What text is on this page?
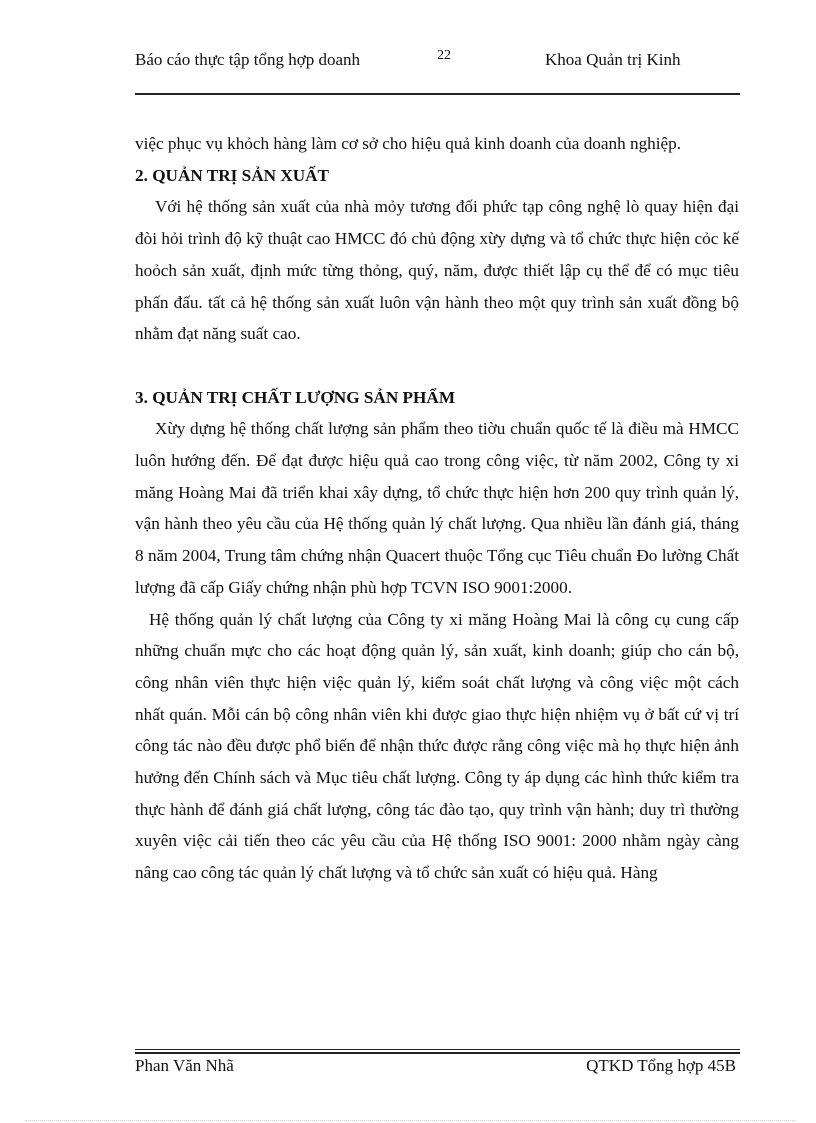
Báo cáo thực tập tổng hợp doanh	22	Khoa Quản trị Kinh

việc phục vụ khỏch hàng làm cơ sở cho hiệu quả kinh doanh của doanh nghiệp.

2. QUẢN TRỊ SẢN XUẤT

Với hệ thống sản xuất của nhà mỏy tương đối phức tạp công nghệ lò quay hiện đại đòi hỏi trình độ kỹ thuật cao HMCC đó chủ động xừy dựng và tổ chức thực hiện cỏc kế hoỏch sản xuất, định mức từng thỏng, quý, năm, được thiết lập cụ thể để có mục tiêu phấn đấu. tất cả hệ thống sản xuất luôn vận hành theo một quy trình sản xuất đồng bộ nhằm đạt năng suất cao.

3. QUẢN TRỊ CHẤT LƯỢNG SẢN PHẨM

Xừy dựng hệ thống chất lượng sản phẩm theo tiờu chuẩn quốc tế là điều mà HMCC luôn hướng đến. Để đạt được hiệu quả cao trong công việc, từ năm 2002, Công ty xi măng Hoàng Mai đã triển khai xây dựng, tổ chức thực hiện hơn 200 quy trình quản lý, vận hành theo yêu cầu của Hệ thống quản lý chất lượng. Qua nhiều lần đánh giá, tháng 8 năm 2004, Trung tâm chứng nhận Quacert thuộc Tổng cục Tiêu chuẩn Đo lường Chất lượng đã cấp Giấy chứng nhận phù hợp TCVN ISO 9001:2000.

Hệ thống quản lý chất lượng của Công ty xi măng Hoàng Mai là công cụ cung cấp những chuẩn mực cho các hoạt động quản lý, sản xuất, kinh doanh; giúp cho cán bộ, công nhân viên thực hiện việc quản lý, kiểm soát chất lượng và công việc một cách nhất quán. Mỗi cán bộ công nhân viên khi được giao thực hiện nhiệm vụ ở bất cứ vị trí công tác nào đều được phổ biến để nhận thức được rằng công việc mà họ thực hiện ảnh hưởng đến Chính sách và Mục tiêu chất lượng. Công ty áp dụng các hình thức kiểm tra thực hành để đánh giá chất lượng, công tác đào tạo, quy trình vận hành; duy trì thường xuyên việc cải tiến theo các yêu cầu của Hệ thống ISO 9001: 2000 nhằm ngày càng nâng cao công tác quản lý chất lượng và tổ chức sản xuất có hiệu quả. Hàng

Phan Văn Nhã	QTKD Tổng hợp 45B
